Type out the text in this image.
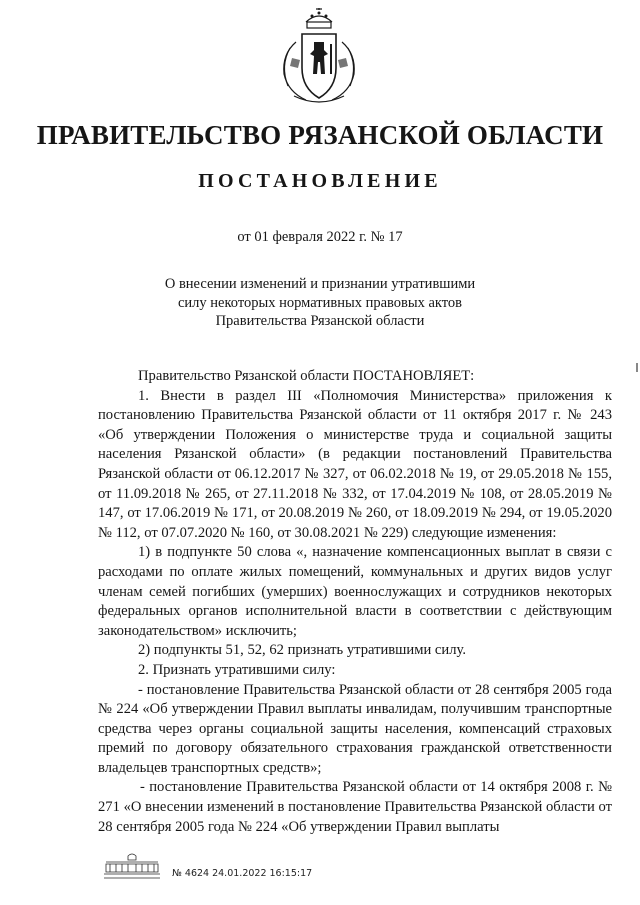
ПРАВИТЕЛЬСТВО РЯЗАНСКОЙ ОБЛАСТИ
ПОСТАНОВЛЕНИЕ
от 01 февраля 2022 г. № 17
О внесении изменений и признании утратившими
силу некоторых нормативных правовых актов
Правительства Рязанской области

Правительство Рязанской области ПОСТАНОВЛЯЕТ:

1. Внести в раздел III «Полномочия Министерства» приложения к постановлению Правительства Рязанской области от 11 октября 2017 г. № 243 «Об утверждении Положения о министерстве труда и социальной защиты населения Рязанской области» (в редакции постановлений Правительства Рязанской области от 06.12.2017 № 327, от 06.02.2018 № 19, от 29.05.2018 № 155, от 11.09.2018 № 265, от 27.11.2018 № 332, от 17.04.2019 № 108, от 28.05.2019 № 147, от 17.06.2019 № 171, от 20.08.2019 № 260, от 18.09.2019 № 294, от 19.05.2020 № 112, от 07.07.2020 № 160, от 30.08.2021 № 229) следующие изменения:

1) в подпункте 50 слова «, назначение компенсационных выплат в связи с расходами по оплате жилых помещений, коммунальных и других видов услуг членам семей погибших (умерших) военнослужащих и сотрудников некоторых федеральных органов исполнительной власти в соответствии с действующим законодательством» исключить;

2) подпункты 51, 52, 62 признать утратившими силу.

2. Признать утратившими силу:

- постановление Правительства Рязанской области от 28 сентября 2005 года № 224 «Об утверждении Правил выплаты инвалидам, получившим транспортные средства через органы социальной защиты населения, компенсаций страховых премий по договору обязательного страхования гражданской ответственности владельцев транспортных средств»;

- постановление Правительства Рязанской области от 14 октября 2008 г. № 271 «О внесении изменений в постановление Правительства Рязанской области от 28 сентября 2005 года № 224 «Об утверждении Правил выплаты

№ 4624 24.01.2022 16:15:17
